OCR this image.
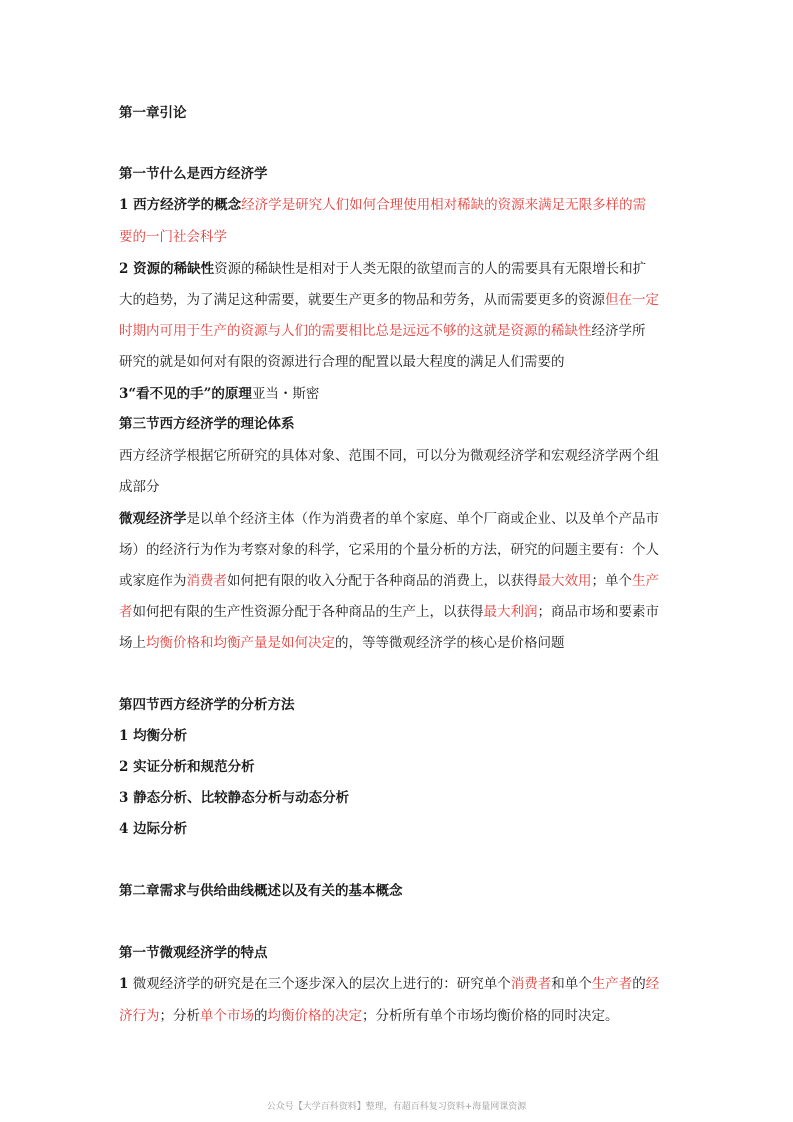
第一章引论
第一节什么是西方经济学
1 西方经济学的概念经济学是研究人们如何合理使用相对稀缺的资源来满足无限多样的需
要的一门社会科学
2 资源的稀缺性资源的稀缺性是相对于人类无限的欲望而言的人的需要具有无限增长和扩
大的趋势，为了满足这种需要，就要生产更多的物品和劳务，从而需要更多的资源但在一定
时期内可用于生产的资源与人们的需要相比总是远远不够的这就是资源的稀缺性经济学所
研究的就是如何对有限的资源进行合理的配置以最大程度的满足人们需要的
3“看不见的手”的原理亚当・斯密
第三节西方经济学的理论体系
西方经济学根据它所研究的具体对象、范围不同，可以分为微观经济学和宏观经济学两个组
成部分
微观经济学是以单个经济主体（作为消费者的单个家庭、单个厂商或企业、以及单个产品市
场）的经济行为作为考察对象的科学，它采用的个量分析的方法，研究的问题主要有：个人
或家庭作为消费者如何把有限的收入分配于各种商品的消费上，以获得最大效用；单个生产
者如何把有限的生产性资源分配于各种商品的生产上，以获得最大利润；商品市场和要素市
场上均衡价格和均衡产量是如何决定的，等等微观经济学的核心是价格问题
第四节西方经济学的分析方法
1 均衡分析
2 实证分析和规范分析
3 静态分析、比较静态分析与动态分析
4 边际分析
第二章需求与供给曲线概述以及有关的基本概念
第一节微观经济学的特点
1 微观经济学的研究是在三个逐步深入的层次上进行的：研究单个消费者和单个生产者的经
济行为；分析单个市场的均衡价格的决定；分析所有单个市场均衡价格的同时决定。
公众号【大学百科资料】整理，有超百科复习资料+海量网课资源
